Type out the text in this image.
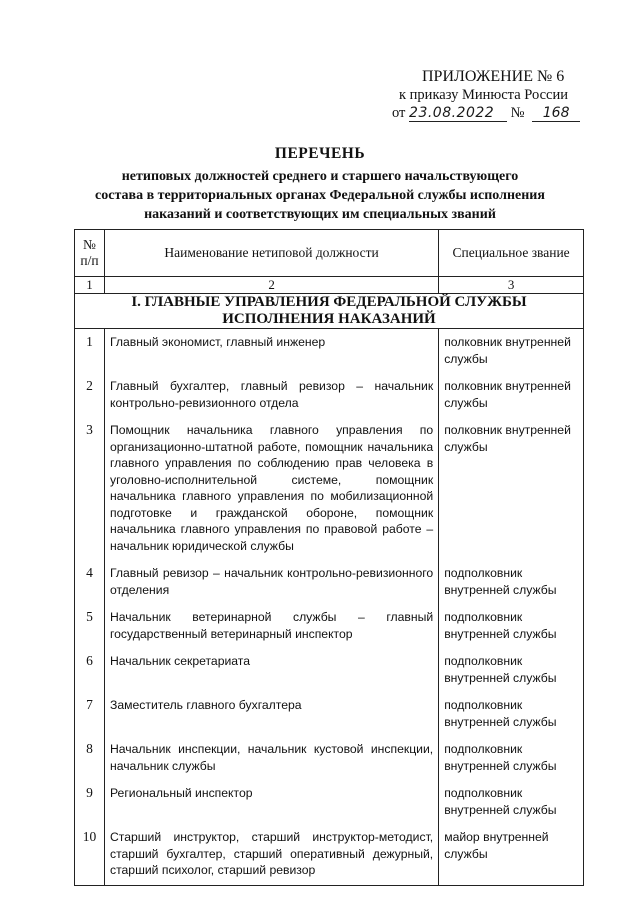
ПРИЛОЖЕНИЕ № 6
к приказу Минюста России
от 23.08.2022 № 168
ПЕРЕЧЕНЬ
нетиповых должностей среднего и старшего начальствующего
состава в территориальных органах Федеральной службы исполнения
наказаний и соответствующих им специальных званий
№ п/п	Наименование нетиповой должности	Специальное звание
1	2	3

I. ГЛАВНЫЕ УПРАВЛЕНИЯ ФЕДЕРАЛЬНОЙ СЛУЖБЫ
ИСПОЛНЕНИЯ НАКАЗАНИЙ		

1	Главный экономист, главный инженер	полковник внутренней службы
2	Главный бухгалтер, главный ревизор – начальник контрольно-ревизионного отдела	полковник внутренней службы
3	Помощник начальника главного управления по организационно-штатной работе, помощник начальника главного управления по соблюдению прав человека в уголовно-исполнительной системе, помощник начальника главного управления по мобилизационной подготовке и гражданской обороне, помощник начальника главного управления по правовой работе – начальник юридической службы	полковник внутренней службы
4	Главный ревизор – начальник контрольно-ревизионного отделения	подполковник внутренней службы
5	Начальник ветеринарной службы – главный государственный ветеринарный инспектор	подполковник внутренней службы
6	Начальник секретариата	подполковник внутренней службы
7	Заместитель главного бухгалтера	подполковник внутренней службы
8	Начальник инспекции, начальник кустовой инспекции, начальник службы	подполковник внутренней службы
9	Региональный инспектор	подполковник внутренней службы
10	Старший инструктор, старший инструктор-методист, старший бухгалтер, старший оперативный дежурный, старший психолог, старший ревизор	майор внутренней службы
